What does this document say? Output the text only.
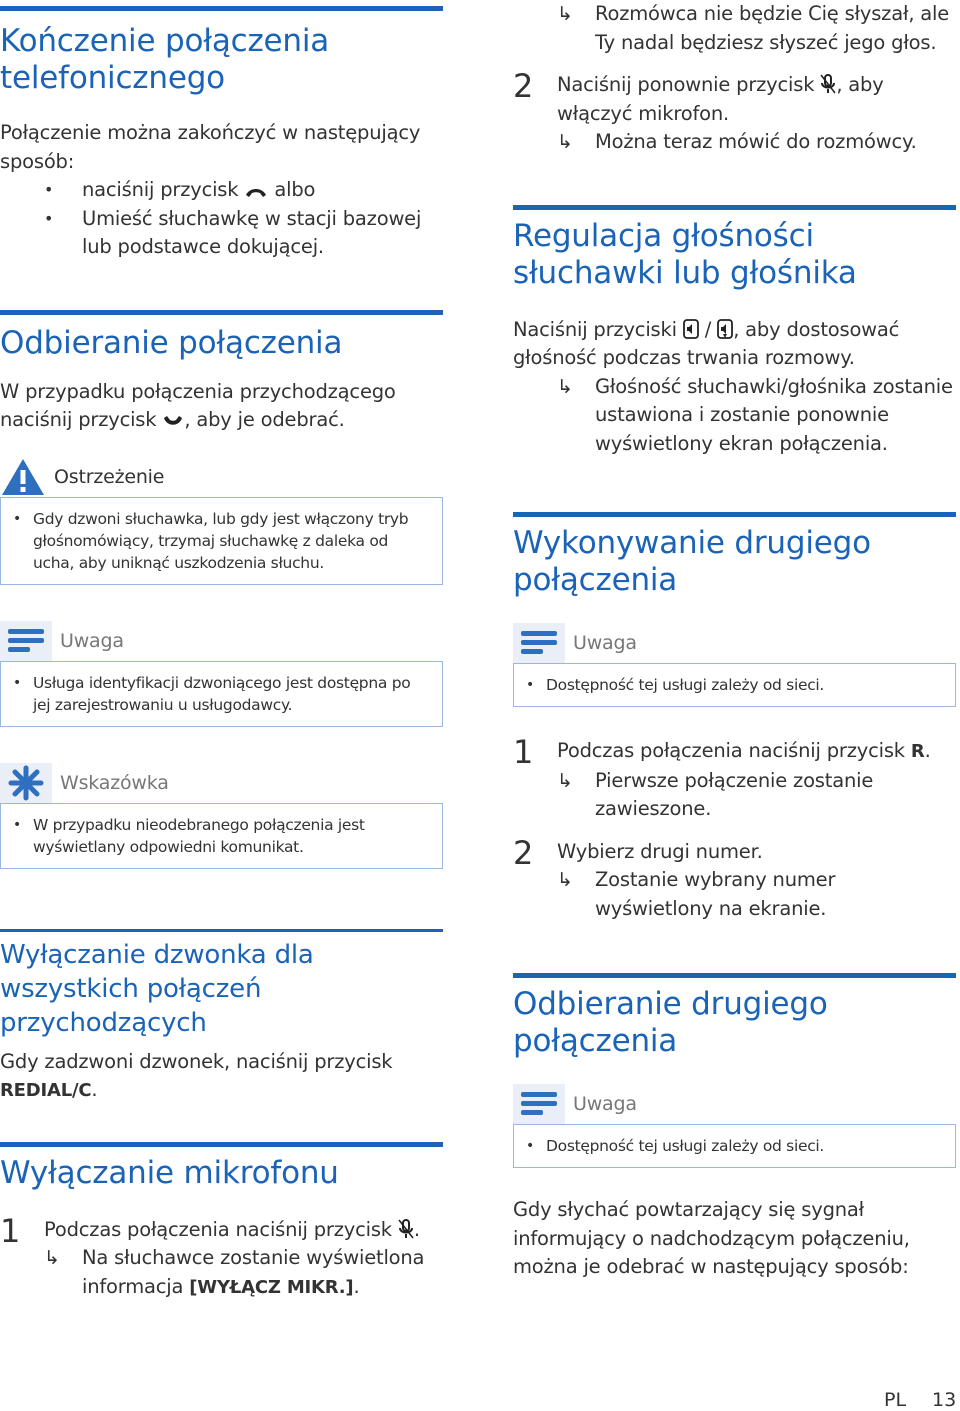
Kończenie połączenia telefonicznego

Połączenie można zakończyć w następujący sposób:

• naciśnij przycisk albo
• Umieść słuchawkę w stacji bazowej lub podstawce dokującej.
Odbieranie połączenia

W przypadku połączenia przychodzącego naciśnij przycisk , aby je odebrać.

Ostrzeżenie
• Gdy dzwoni słuchawka, lub gdy jest włączony tryb głośnomówiący, trzymaj słuchawkę z daleka od ucha, aby uniknąć uszkodzenia słuchu.
Uwaga
• Usługa identyfikacji dzwoniącego jest dostępna po jej zarejestrowaniu u usługodawcy.
Wskazówka
• W przypadku nieodebranego połączenia jest wyświetlany odpowiedni komunikat.
Wyłączanie dzwonka dla wszystkich połączeń przychodzących

Gdy zadzwoni dzwonek, naciśnij przycisk REDIAL/C.

Wyłączanie mikrofonu
1 Podczas połączenia naciśnij przycisk .
↳ Na słuchawce zostanie wyświetlona informacja [WYŁĄCZ MIKR.].
↳ Rozmówca nie będzie Cię słyszał, ale Ty nadal będziesz słyszeć jego głos.
2 Naciśnij ponownie przycisk , aby włączyć mikrofon.
↳ Można teraz mówić do rozmówcy.
Regulacja głośności słuchawki lub głośnika

Naciśnij przyciski  / , aby dostosować głośność podczas trwania rozmowy.

↳ Głośność słuchawki/głośnika zostanie ustawiona i zostanie ponownie wyświetlony ekran połączenia.
Wykonywanie drugiego połączenia
Uwaga
• Dostępność tej usługi zależy od sieci.
1 Podczas połączenia naciśnij przycisk R.
↳ Pierwsze połączenie zostanie zawieszone.
2 Wybierz drugi numer.
↳ Zostanie wybrany numer wyświetlony na ekranie.
Odbieranie drugiego połączenia
Uwaga
• Dostępność tej usługi zależy od sieci.

Gdy słychać powtarzający się sygnał informujący o nadchodzącym połączeniu, można je odebrać w następujący sposób:

PL 13
